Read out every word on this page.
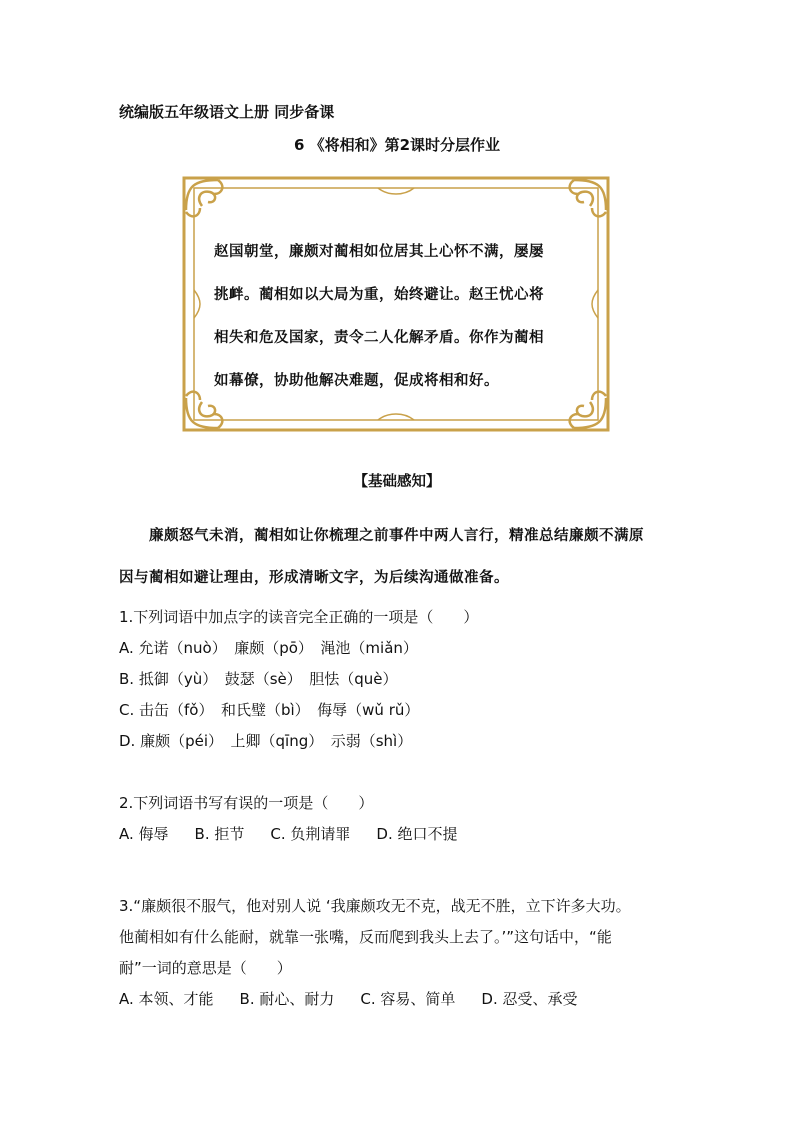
统编版五年级语文上册 同步备课
6 《将相和》第2课时分层作业
赵国朝堂，廉颇对蔺相如位居其上心怀不满，屡屡
挑衅。蔺相如以大局为重，始终避让。赵王忧心将
相失和危及国家，责令二人化解矛盾。你作为蔺相
如幕僚，协助他解决难题，促成将相和好。
【基础感知】
廉颇怒气未消，蔺相如让你梳理之前事件中两人言行，精准总结廉颇不满原
因与蔺相如避让理由，形成清晰文字，为后续沟通做准备。
1.下列词语中加点字的读音完全正确的一项是（　　）
A. 允诺（nuò）　廉颇（pō）　渑池（miǎn）
B. 抵御（yù）　鼓瑟（sè）　胆怯（què）
C. 击缶（fǒ）　和氏璧（bì）　侮辱（wǔ rǔ）
D. 廉颇（péi）　上卿（qīng）　示弱（shì）
2.下列词语书写有误的一项是（　　）
A. 侮辱 B. 拒节 C. 负荆请罪 D. 绝口不提
3.“廉颇很不服气，他对别人说 ‘我廉颇攻无不克，战无不胜，立下许多大功。
他蔺相如有什么能耐，就靠一张嘴，反而爬到我头上去了。’”这句话中，“能
耐”一词的意思是（　　）
A. 本领、才能 B. 耐心、耐力 C. 容易、简单 D. 忍受、承受
